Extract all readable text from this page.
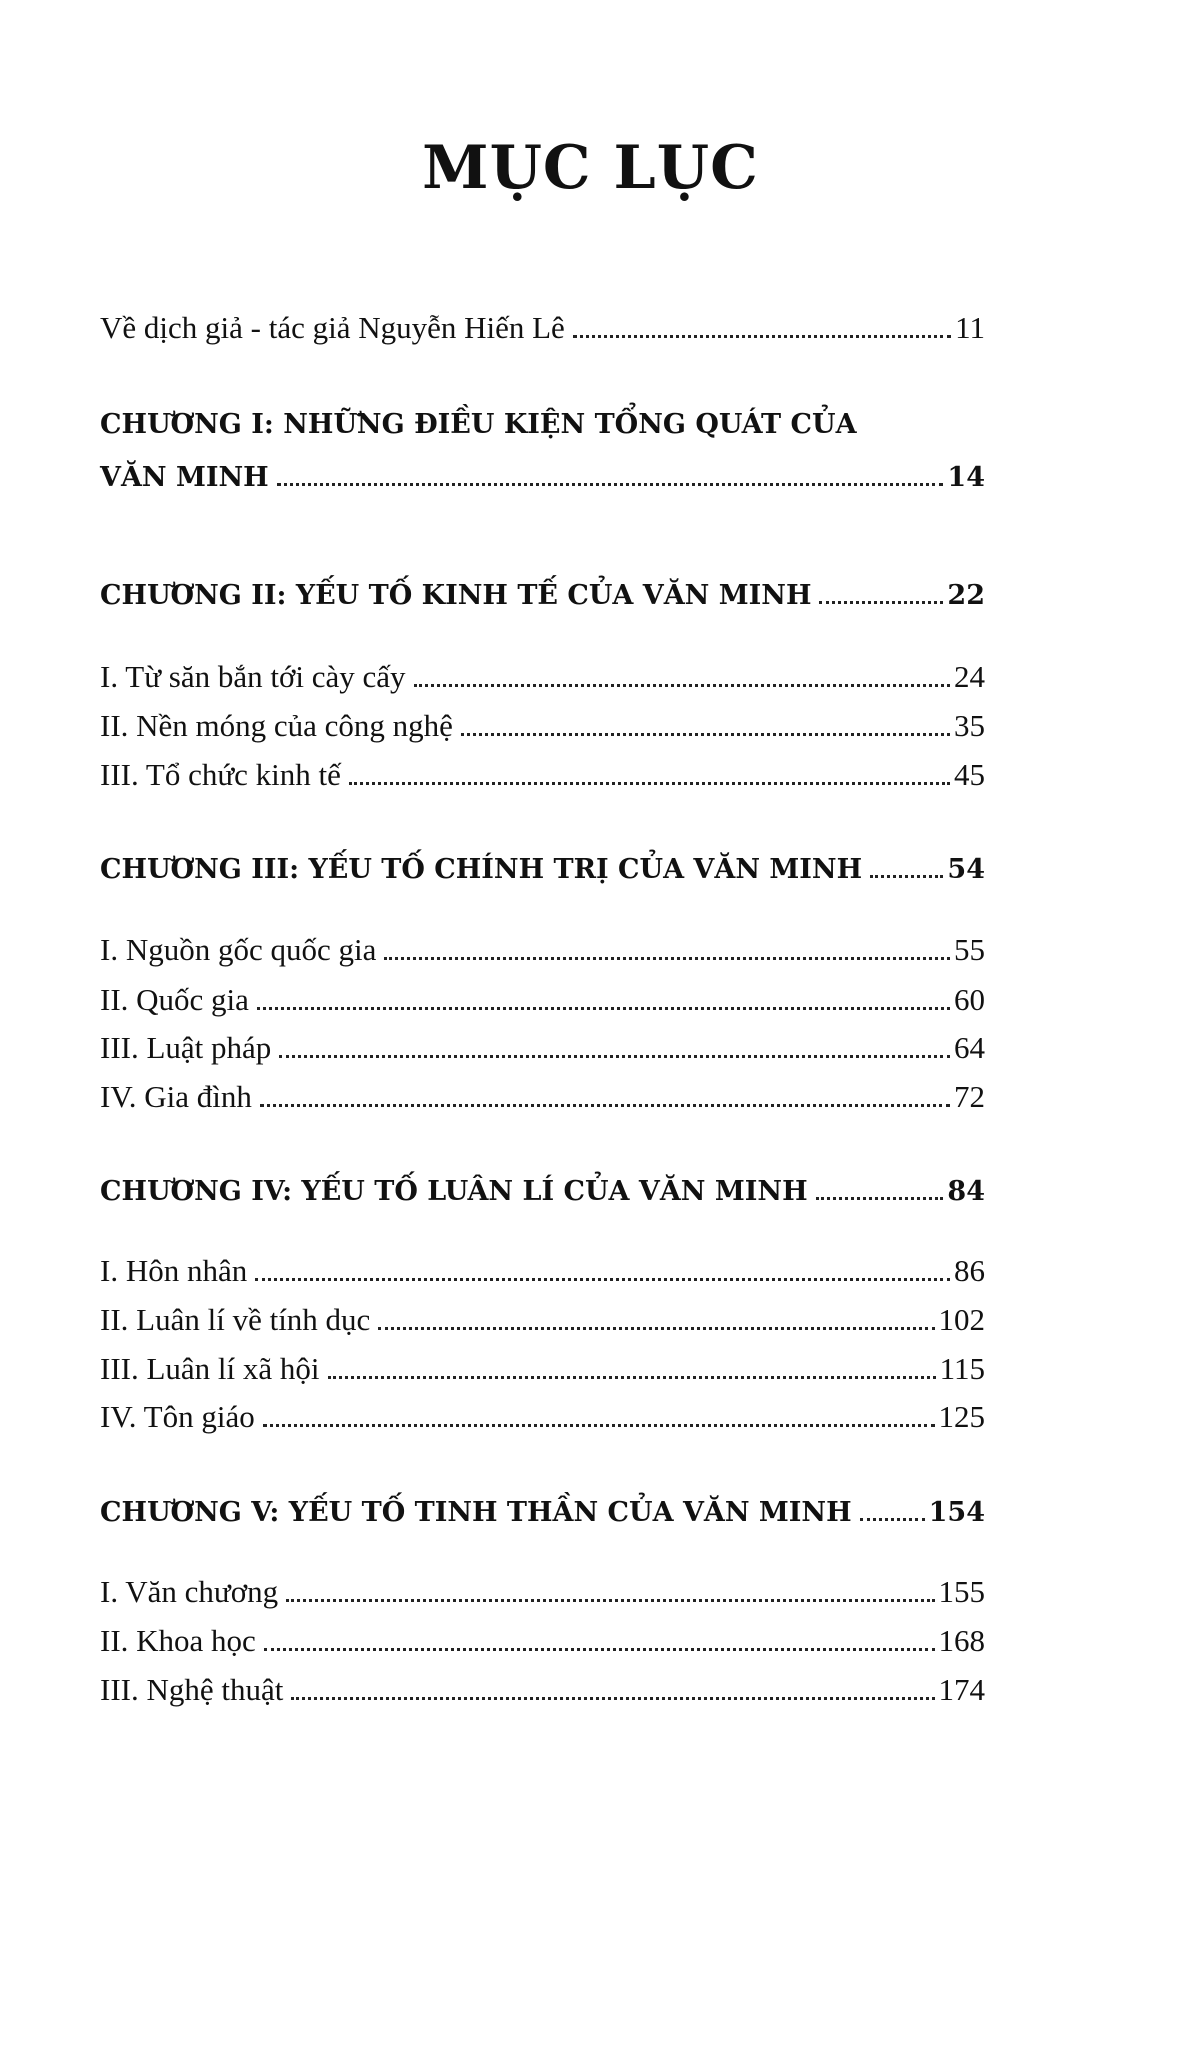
MỤC LỤC
Về dịch giả - tác giả Nguyễn Hiến Lê	11
CHƯƠNG I: NHỮNG ĐIỀU KIỆN TỔNG QUÁT CỦA
VĂN MINH	14
CHƯƠNG II: YẾU TỐ KINH TẾ CỦA VĂN MINH	22
I. Từ săn bắn tới cày cấy	24
II. Nền móng của công nghệ	35
III. Tổ chức kinh tế	45
CHƯƠNG III: YẾU TỐ CHÍNH TRỊ CỦA VĂN MINH	54
I. Nguồn gốc quốc gia	55
II. Quốc gia	60
III. Luật pháp	64
IV. Gia đình	72
CHƯƠNG IV: YẾU TỐ LUÂN LÍ CỦA VĂN MINH	84
I. Hôn nhân	86
II. Luân lí về tính dục	102
III. Luân lí xã hội	115
IV. Tôn giáo	125
CHƯƠNG V: YẾU TỐ TINH THẦN CỦA VĂN MINH	154
I. Văn chương	155
II. Khoa học	168
III. Nghệ thuật	174
